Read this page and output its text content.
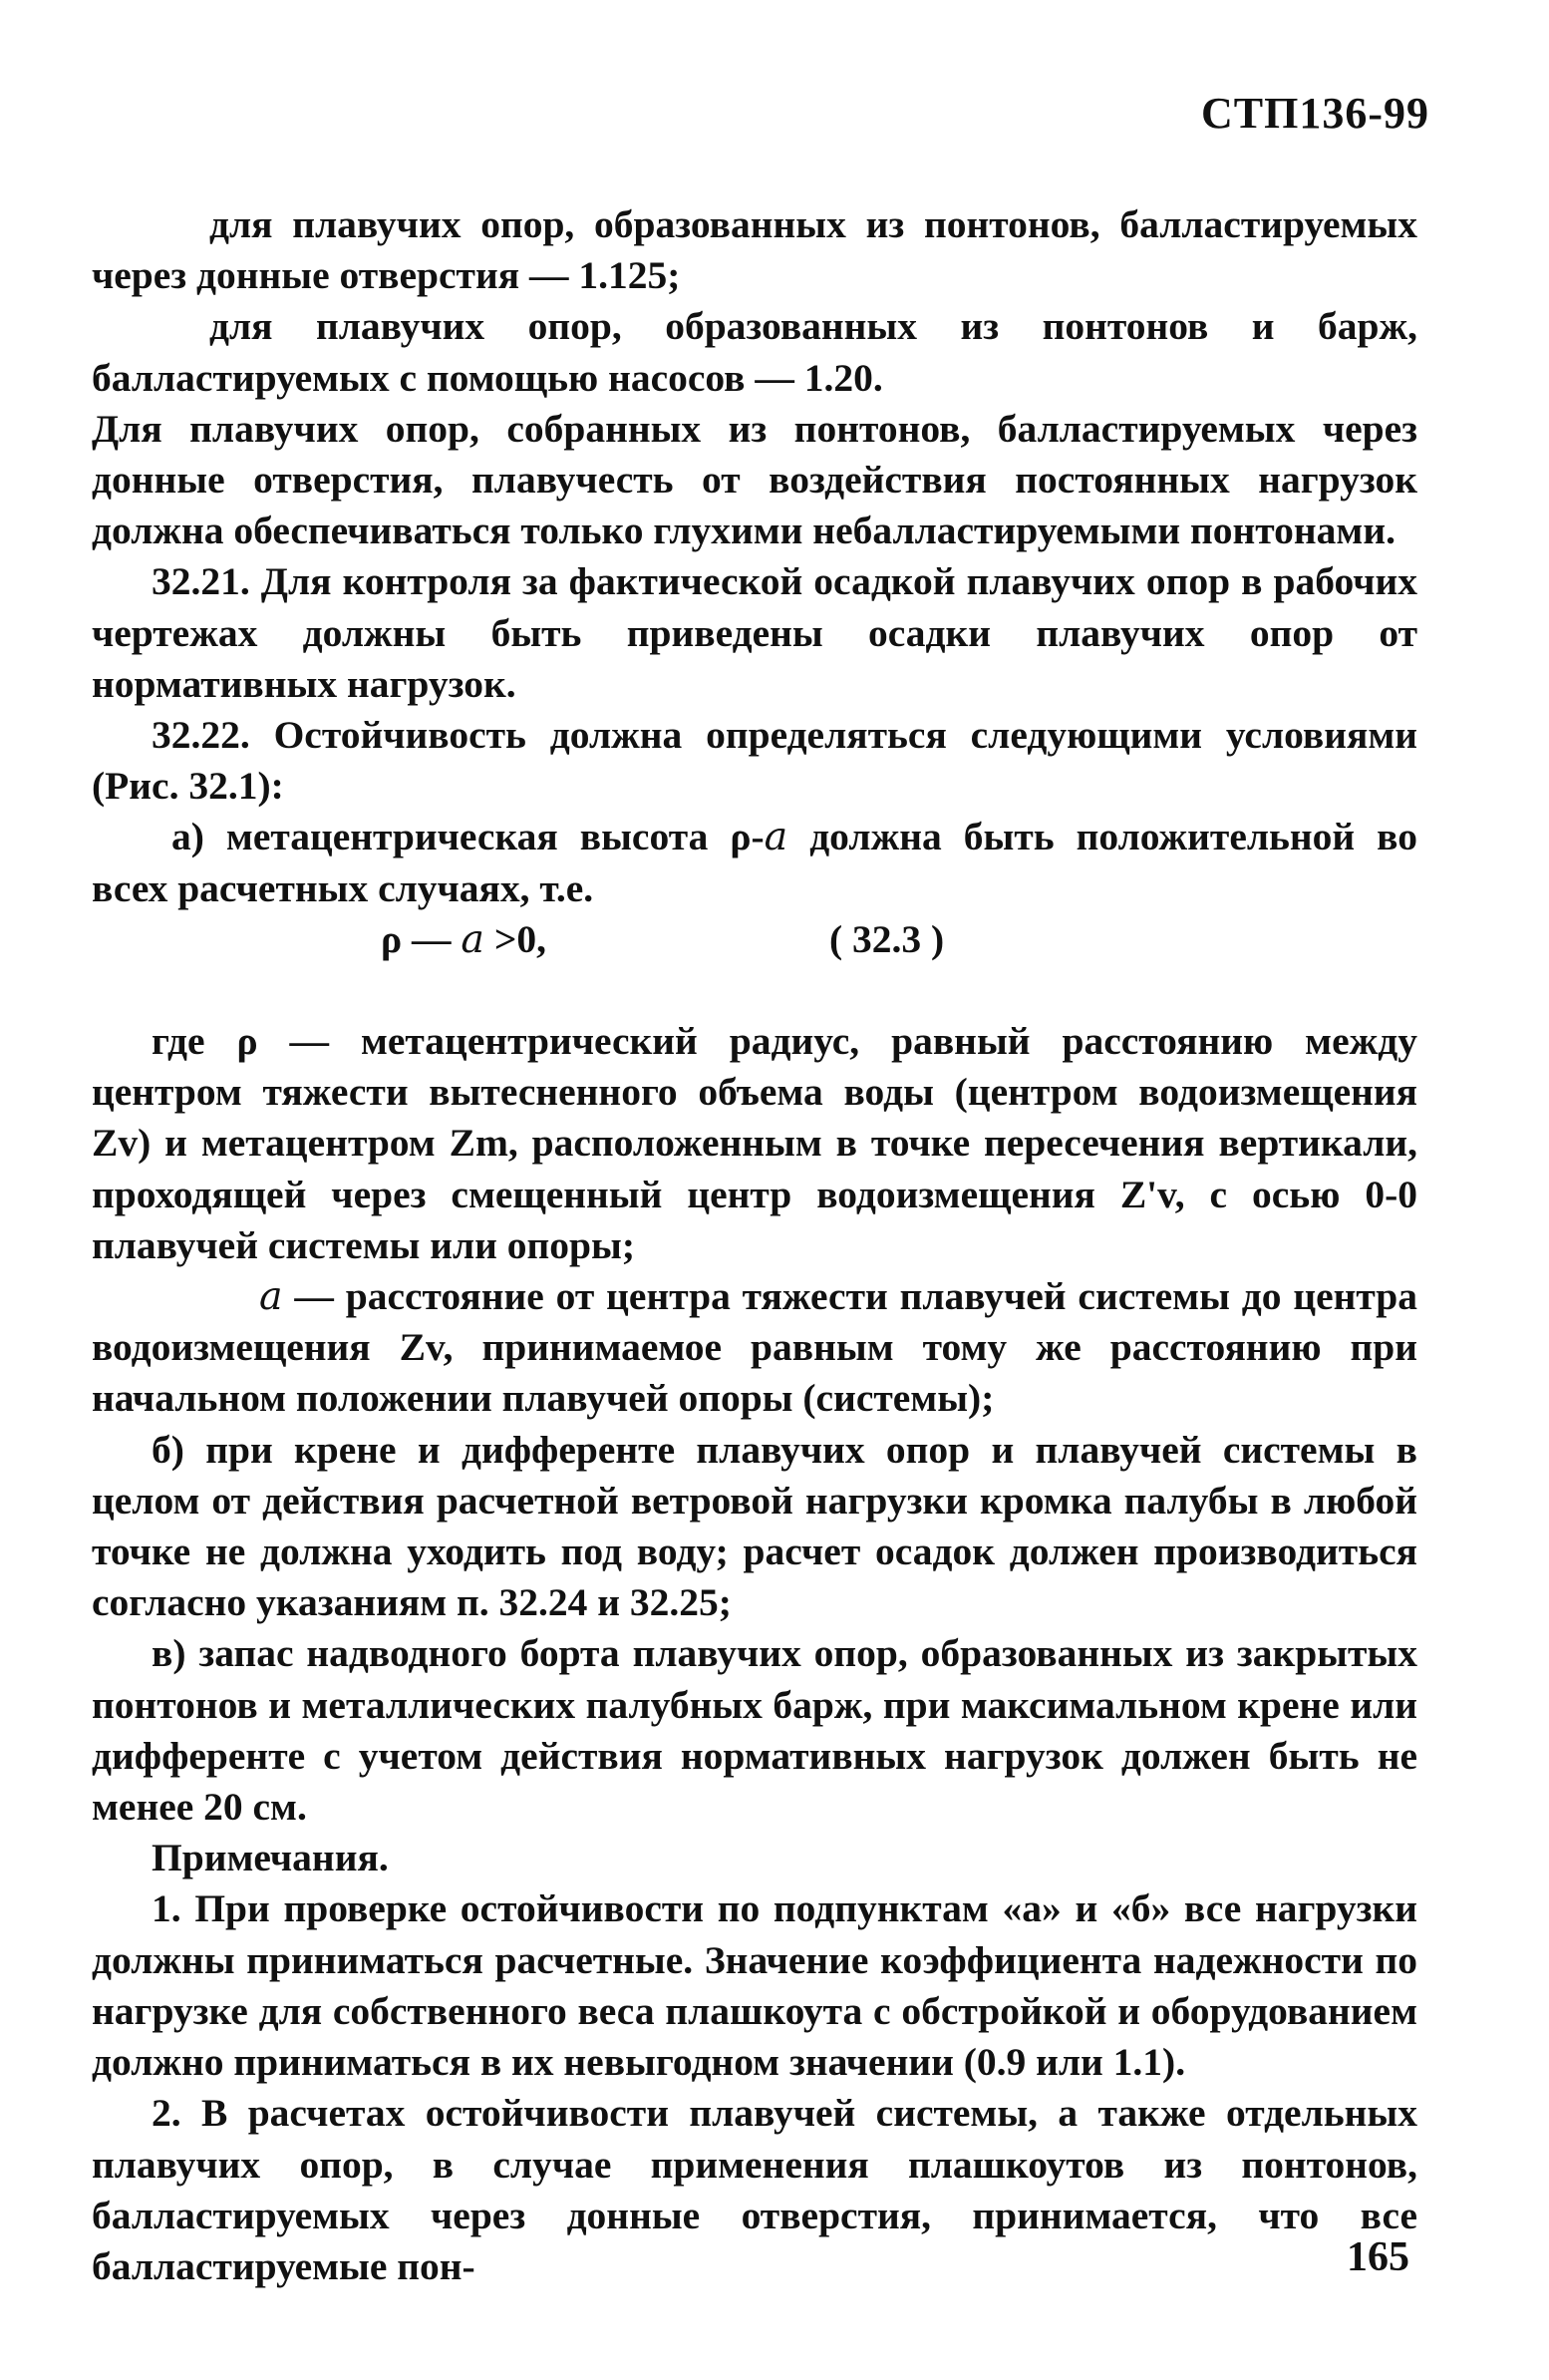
СТП136-99

для плавучих опор, образованных из понтонов, балластируемых через донные отверстия — 1.125;

для плавучих опор, образованных из понтонов и барж, балластируемых с помощью насосов — 1.20.

Для плавучих опор, собранных из понтонов, балластируемых через донные отверстия, плавучесть от воздействия постоянных нагрузок должна обеспечиваться только глухими небалластируемыми понтонами.

32.21. Для контроля за фактической осадкой плавучих опор в рабочих чертежах должны быть приведены осадки плавучих опор от нормативных нагрузок.

32.22. Остойчивость должна определяться следующими условиями (Рис. 32.1):

а) метацентрическая высота ρ-a должна быть положительной во всех расчетных случаях, т.е.

ρ — a >0,	( 32.3 )

где ρ — метацентрический радиус, равный расстоянию между центром тяжести вытесненного объема воды (центром водоизмещения Zv) и метацентром Zm, расположенным в точке пересечения вертикали, проходящей через смещенный центр водоизмещения Z'v, с осью 0-0 плавучей системы или опоры;

a — расстояние от центра тяжести плавучей системы до центра водоизмещения Zv, принимаемое равным тому же расстоянию при начальном положении плавучей опоры (системы);

б) при крене и дифференте плавучих опор и плавучей системы в целом от действия расчетной ветровой нагрузки кромка палубы в любой точке не должна уходить под воду; расчет осадок должен производиться согласно указаниям п. 32.24 и 32.25;

в) запас надводного борта плавучих опор, образованных из закрытых понтонов и металлических палубных барж, при максимальном крене или дифференте с учетом действия нормативных нагрузок должен быть не менее 20 см.

Примечания.

1. При проверке остойчивости по подпунктам «а» и «б» все нагрузки должны приниматься расчетные. Значение коэффициента надежности по нагрузке для собственного веса плашкоута с обстройкой и оборудованием должно приниматься в их невыгодном значении (0.9 или 1.1).

2. В расчетах остойчивости плавучей системы, а также отдельных плавучих опор, в случае применения плашкоутов из понтонов, балластируемых через донные отверстия, принимается, что все балластируемые пон-	165
